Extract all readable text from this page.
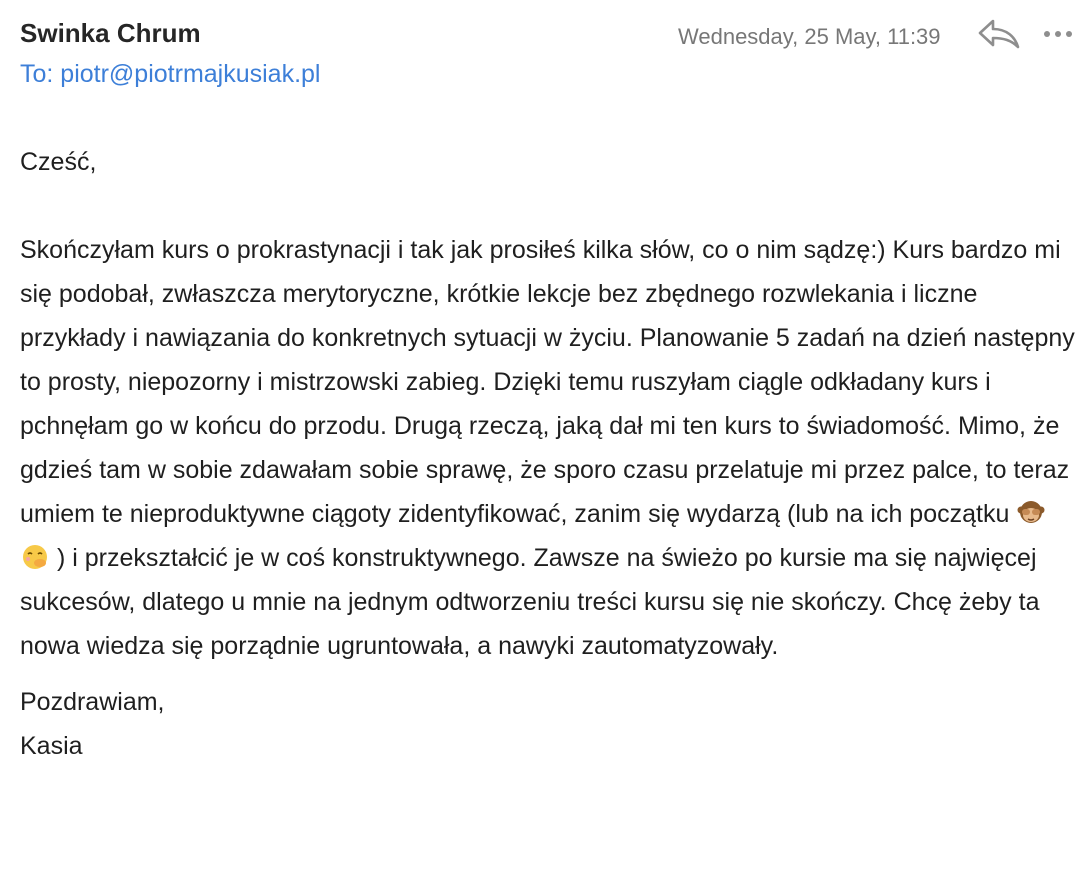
Swinka Chrum
To: piotr@piotrmajkusiak.pl
Wednesday, 25 May, 11:39
Cześć,
Skończyłam kurs o prokrastynacji i tak jak prosiłeś kilka słów, co o nim sądzę:) Kurs bardzo mi się podobał, zwłaszcza merytoryczne, krótkie lekcje bez zbędnego rozwlekania i liczne przykłady i nawiązania do konkretnych sytuacji w życiu. Planowanie 5 zadań na dzień następny to prosty, niepozorny i mistrzowski zabieg. Dzięki temu ruszyłam ciągle odkładany kurs i pchnęłam go w końcu do przodu. Drugą rzeczą, jaką dał mi ten kurs to świadomość. Mimo, że gdzieś tam w sobie zdawałam sobie sprawę, że sporo czasu przelatuje mi przez palce, to teraz umiem te nieproduktywne ciągoty zidentyfikować, zanim się wydarzą (lub na ich początku   ) i przekształcić je w coś konstruktywnego. Zawsze na świeżo po kursie ma się najwięcej sukcesów, dlatego u mnie na jednym odtworzeniu treści kursu się nie skończy. Chcę żeby ta nowa wiedza się porządnie ugruntowała, a nawyki zautomatyzowały.
Pozdrawiam,
Kasia
